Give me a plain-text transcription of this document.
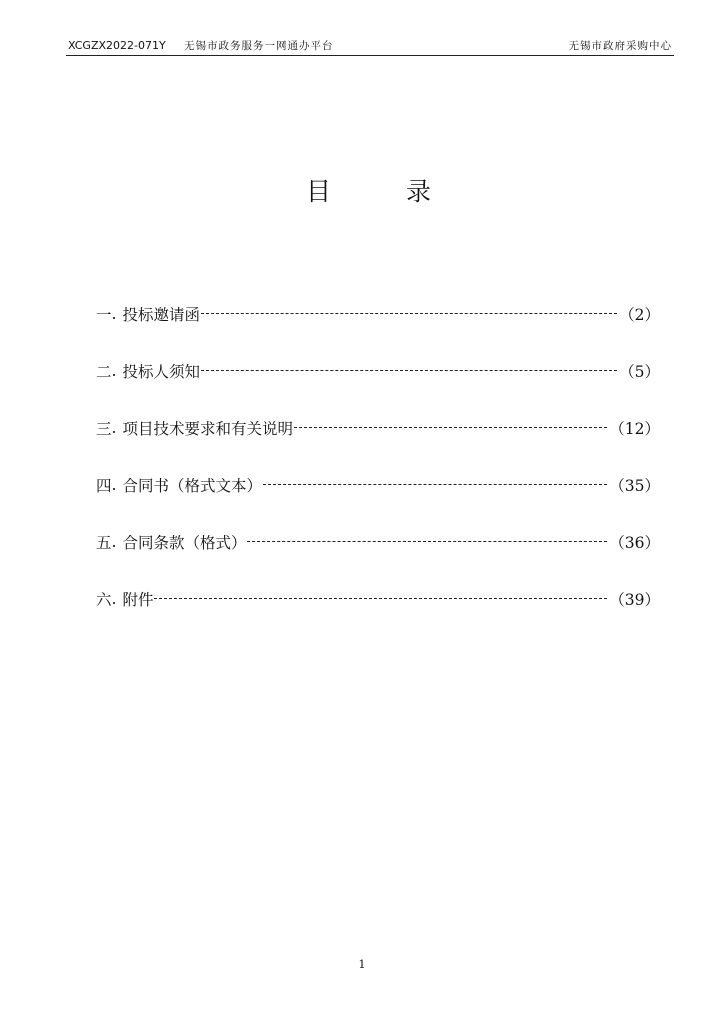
XCGZX2022-071Y 无锡市政务服务一网通办平台	无锡市政府采购中心
目	录
一 . 投标邀请函	（2）
二 . 投标人须知	（5）
三 . 项目技术要求和有关说明	（12）
四 . 合同书（格式文本）	（35）
五 . 合同条款（格式）	（36）
六 . 附件	（39）
1
